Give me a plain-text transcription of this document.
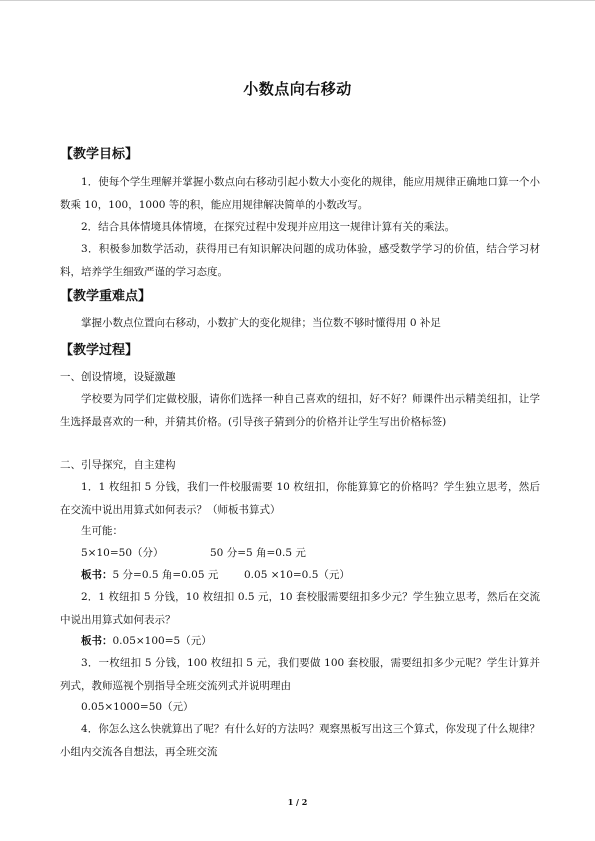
小数点向右移动
【教学目标】
1．使每个学生理解并掌握小数点向右移动引起小数大小变化的规律，能应用规律正确地口算一个小数乘 10，100，1000 等的积，能应用规律解决简单的小数改写。
2．结合具体情境具体情境，在探究过程中发现并应用这一规律计算有关的乘法。
3．积极参加数学活动，获得用已有知识解决问题的成功体验，感受数学学习的价值，结合学习材料，培养学生细致严谨的学习态度。
【教学重难点】
掌握小数点位置向右移动，小数扩大的变化规律；当位数不够时懂得用 0 补足
【教学过程】
一、创设情境，设疑激趣
学校要为同学们定做校服，请你们选择一种自己喜欢的纽扣，好不好？师课件出示精美纽扣，让学生选择最喜欢的一种，并猜其价格。(引导孩子猜到分的价格并让学生写出价格标签)
二、引导探究，自主建构
1．1 枚纽扣 5 分钱，我们一件校服需要 10 枚纽扣，你能算算它的价格吗？学生独立思考，然后在交流中说出用算式如何表示？（师板书算式）
生可能：
5×10=50（分）	50 分=5 角=0.5 元
板书：5 分=0.5 角=0.05 元 0.05 ×10=0.5（元）
2．1 枚纽扣 5 分钱，10 枚纽扣 0.5 元，10 套校服需要纽扣多少元？学生独立思考，然后在交流中说出用算式如何表示？
板书：0.05×100=5（元）
3．一枚纽扣 5 分钱，100 枚纽扣 5 元，我们要做 100 套校服，需要纽扣多少元呢？学生计算并列式，教师巡视个别指导全班交流列式并说明理由
0.05×1000=50（元）
4．你怎么这么快就算出了呢？有什么好的方法吗？观察黑板写出这三个算式，你发现了什么规律？小组内交流各自想法，再全班交流
1 / 2
